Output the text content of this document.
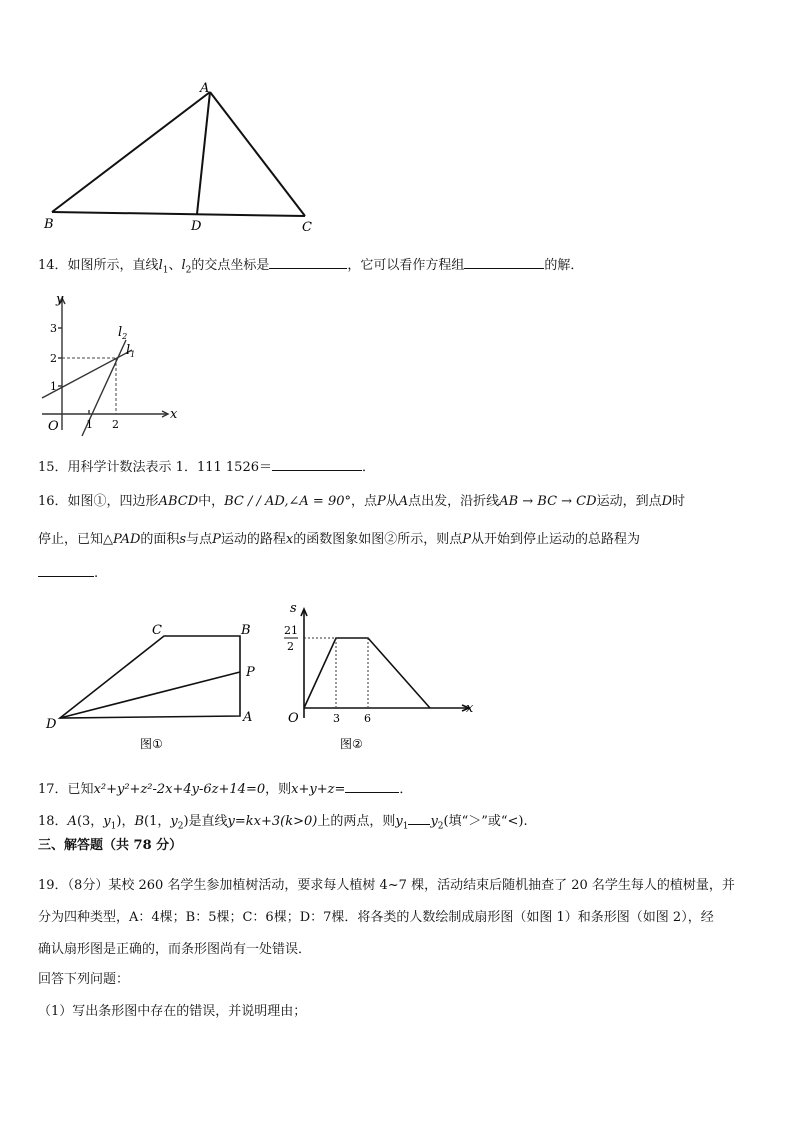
A
B	D	C
14．如图所示，直线$l_1$、$l_2$的交点坐标是	，它可以看作方程组	的解．
y
x
O
1
2
3
1 2
$l_2$
$l_1$
15．用科学计数法表示 1．111 1526＝	．
16．如图①，四边形ABCD中，BC / / AD,∠A = 90°，点P从A点出发，沿折线AB → BC → CD运动，到点D时
停止，已知△PAD的面积s与点P运动的路程x的函数图象如图②所示，则点P从开始到停止运动的总路程为
.
C	B
P
D	A
图①
s
21
2
O	3 6
x
图②
17．已知x²+y²+z²-2x+4y-6z+14=0，则x+y+z=	．
18．A(3，$y_1$)，B(1，$y_2$)是直线y=kx+3(k>0)上的两点，则$y_1$ $y_2$(填“＞”或“<).
三、解答题（共 78 分）
19．（8分）某校 260 名学生参加植树活动，要求每人植树 4~7 棵，活动结束后随机抽查了 20 名学生每人的植树量，并
分为四种类型，A：4棵；B：5棵；C：6棵；D：7棵．将各类的人数绘制成扇形图（如图 1）和条形图（如图 2），经
确认扇形图是正确的，而条形图尚有一处错误．
回答下列问题：
（1）写出条形图中存在的错误，并说明理由；
